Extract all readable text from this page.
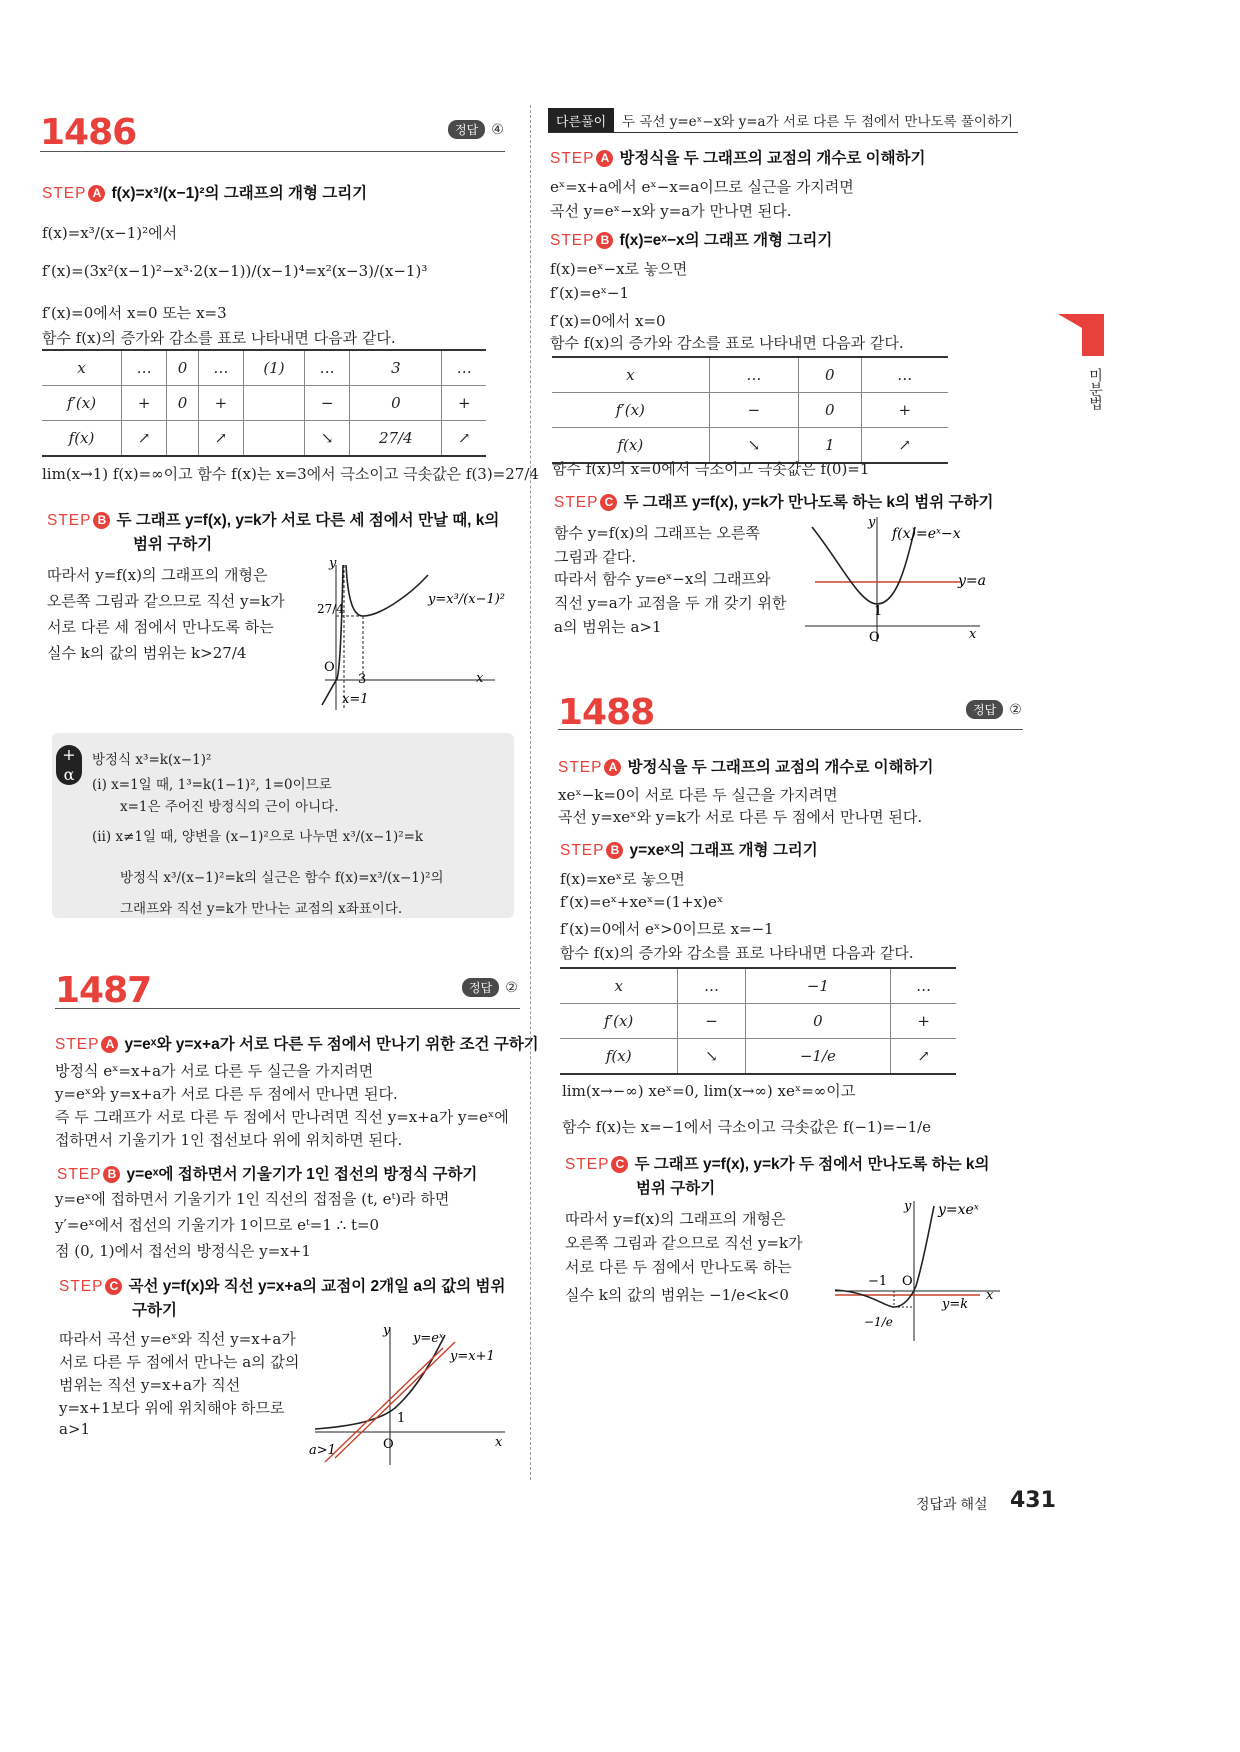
1486	정답 ④
STEP A f(x)=x³/(x−1)²의 그래프의 개형 그리기
f(x)=x³/(x−1)²에서
f′(x)=(3x²(x−1)²−x³·2(x−1))/(x−1)⁴=x²(x−3)/(x−1)³
f′(x)=0에서 x=0 또는 x=3
함수 f(x)의 증가와 감소를 표로 나타내면 다음과 같다.
x	…	0	…	(1)	…	3	…
f′(x)	+	0	+		−	0	+
f(x)	↗		↗		↘	27/4	↗
lim(x→1) f(x)=∞이고 함수 f(x)는 x=3에서 극소이고 극솟값은 f(3)=27/4
STEP B 두 그래프 y=f(x), y=k가 서로 다른 세 점에서 만날 때, k의
범위 구하기
따라서 y=f(x)의 그래프의 개형은
오른쪽 그림과 같으므로 직선 y=k가
서로 다른 세 점에서 만나도록 하는
실수 k의 값의 범위는 k>27/4
y
y=x³/(x−1)²
27/4
O
3	x
x=1
+
α
방정식 x³=k(x−1)²
(ⅰ) x=1일 때, 1³=k(1−1)², 1=0이므로
x=1은 주어진 방정식의 근이 아니다.
(ⅱ) x≠1일 때, 양변을 (x−1)²으로 나누면 x³/(x−1)²=k
방정식 x³/(x−1)²=k의 실근은 함수 f(x)=x³/(x−1)²의
그래프와 직선 y=k가 만나는 교점의 x좌표이다.
1487	정답 ②
STEP A y=eˣ와 y=x+a가 서로 다른 두 점에서 만나기 위한 조건 구하기
방정식 eˣ=x+a가 서로 다른 두 실근을 가지려면
y=eˣ와 y=x+a가 서로 다른 두 점에서 만나면 된다.
즉 두 그래프가 서로 다른 두 점에서 만나려면 직선 y=x+a가 y=eˣ에
접하면서 기울기가 1인 접선보다 위에 위치하면 된다.
STEP B y=eˣ에 접하면서 기울기가 1인 접선의 방정식 구하기
y=eˣ에 접하면서 기울기가 1인 직선의 접점을 (t, eᵗ)라 하면
y′=eˣ에서 접선의 기울기가 1이므로 eᵗ=1 ∴ t=0
점 (0, 1)에서 접선의 방정식은 y=x+1
STEP C 곡선 y=f(x)와 직선 y=x+a의 교점이 2개일 a의 값의 범위
구하기
따라서 곡선 y=eˣ와 직선 y=x+a가
서로 다른 두 점에서 만나는 a의 값의
범위는 직선 y=x+a가 직선
y=x+1보다 위에 위치해야 하므로
a>1
y
y=eˣ
y=x+1
1
a>1	O	x
다른풀이	두 곡선 y=eˣ−x와 y=a가 서로 다른 두 점에서 만나도록 풀이하기
STEP A 방정식을 두 그래프의 교점의 개수로 이해하기
eˣ=x+a에서 eˣ−x=a이므로 실근을 가지려면
곡선 y=eˣ−x와 y=a가 만나면 된다.
STEP B f(x)=eˣ−x의 그래프 개형 그리기
f(x)=eˣ−x로 놓으면
f′(x)=eˣ−1
f′(x)=0에서 x=0
함수 f(x)의 증가와 감소를 표로 나타내면 다음과 같다.
x	…	0	…
f′(x)	−	0	+
f(x)	↘	1	↗
함수 f(x)의 x=0에서 극소이고 극솟값은 f(0)=1
STEP C 두 그래프 y=f(x), y=k가 만나도록 하는 k의 범위 구하기
함수 y=f(x)의 그래프는 오른쪽
그림과 같다.
따라서 함수 y=eˣ−x의 그래프와
직선 y=a가 교점을 두 개 갖기 위한
a의 범위는 a>1
y
f(x)=eˣ−x
y=a
1
O	x
1488	정답 ②
STEP A 방정식을 두 그래프의 교점의 개수로 이해하기
xeˣ−k=0이 서로 다른 두 실근을 가지려면
곡선 y=xeˣ와 y=k가 서로 다른 두 점에서 만나면 된다.
STEP B y=xeˣ의 그래프 개형 그리기
f(x)=xeˣ로 놓으면
f′(x)=eˣ+xeˣ=(1+x)eˣ
f′(x)=0에서 eˣ>0이므로 x=−1
함수 f(x)의 증가와 감소를 표로 나타내면 다음과 같다.
x	…	−1	…
f′(x)	−	0	+
f(x)	↘	−1/e	↗
lim(x→−∞) xeˣ=0, lim(x→∞) xeˣ=∞이고
함수 f(x)는 x=−1에서 극소이고 극솟값은 f(−1)=−1/e
STEP C 두 그래프 y=f(x), y=k가 두 점에서 만나도록 하는 k의
범위 구하기
따라서 y=f(x)의 그래프의 개형은
오른쪽 그림과 같으므로 직선 y=k가
서로 다른 두 점에서 만나도록 하는
실수 k의 값의 범위는 −1/e<k<0
y y=xeˣ
−1 O
x
y=k
−1/e
미분법
정답과 해설 431
